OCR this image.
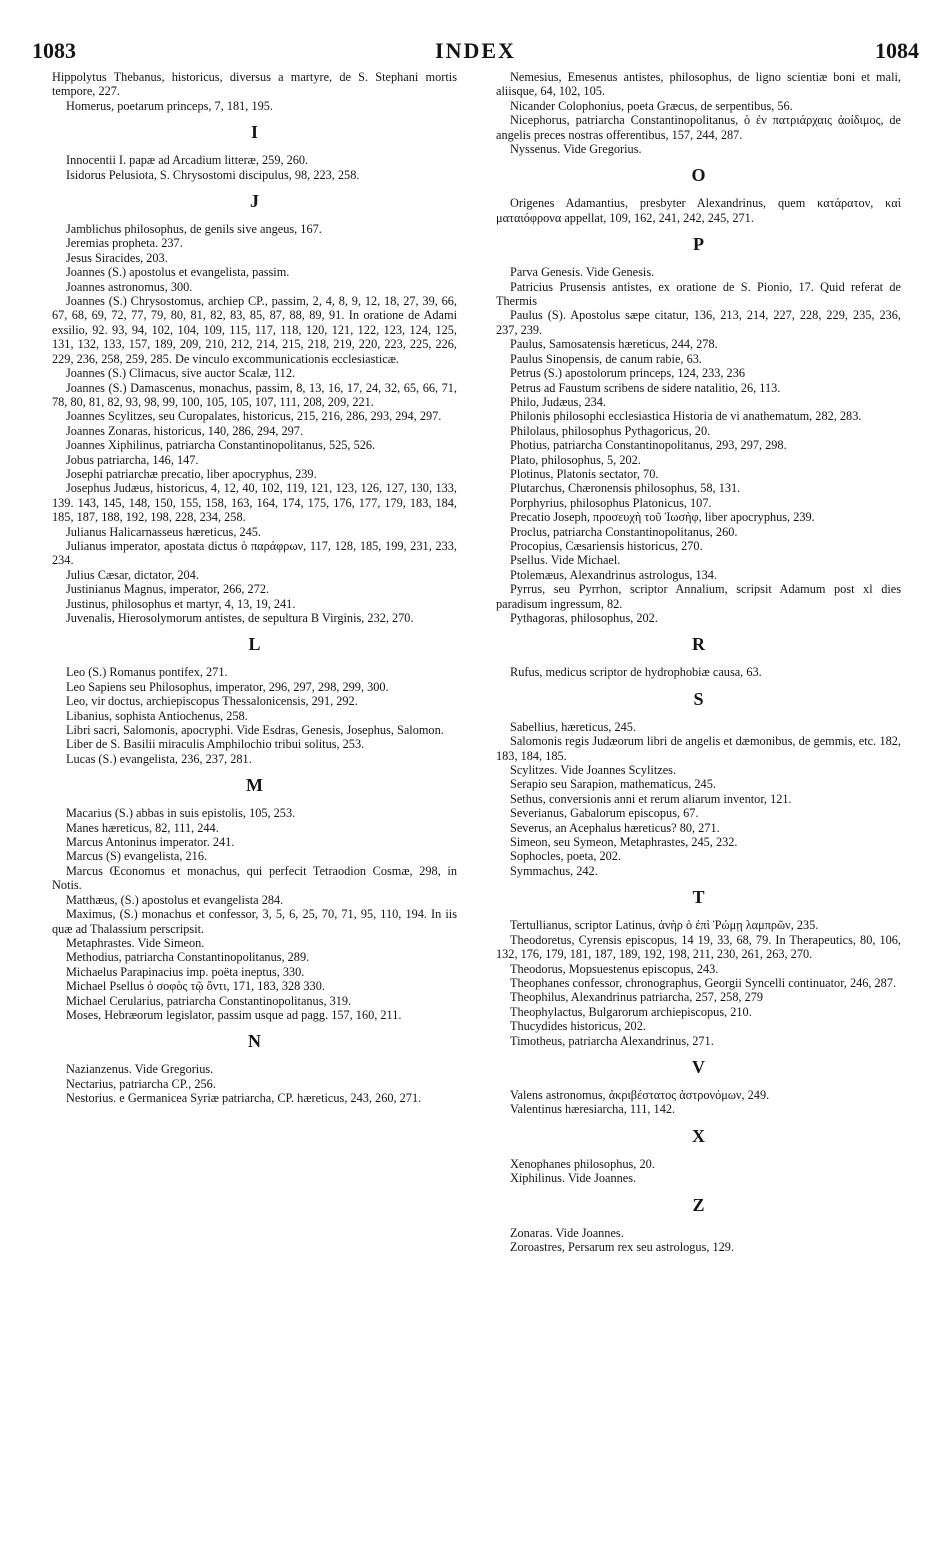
1083	INDEX	1084
Hippolytus Thebanus, historicus, diversus a martyre, de S. Stephani mortis tempore, 227.
Homerus, poetarum princeps, 7, 181, 195.
I
Innocentii I. papæ ad Arcadium litteræ, 259, 260.
Isidorus Pelusiota, S. Chrysostomi discipulus, 98, 223, 258.
J
Jamblichus philosophus, de genils sive angeus, 167.
Jeremias propheta. 237.
Jesus Siracides, 203.
Joannes (S.) apostolus et evangelista, passim.
Joannes astronomus, 300.
Joannes (S.) Chrysostomus, archiep CP., passim, 2, 4, 8, 9, 12, 18, 27, 39, 66, 67, 68, 69, 72, 77, 79, 80, 81, 82, 83, 85, 87, 88, 89, 91. In oratione de Adami exsilio, 92. 93, 94, 102, 104, 109, 115, 117, 118, 120, 121, 122, 123, 124, 125, 131, 132, 133, 157, 189, 209, 210, 212, 214, 215, 218, 219, 220, 223, 225, 226, 229, 236, 258, 259, 285. De vinculo excommunicationis ecclesiasticæ.
Joannes (S.) Climacus, sive auctor Scalæ, 112.
Joannes (S.) Damascenus, monachus, passim, 8, 13, 16, 17, 24, 32, 65, 66, 71, 78, 80, 81, 82, 93, 98, 99, 100, 105, 105, 107, 111, 208, 209, 221.
Joannes Scylitzes, seu Curopalates, historicus, 215, 216, 286, 293, 294, 297.
Joannes Zonaras, historicus, 140, 286, 294, 297.
Joannes Xiphilinus, patriarcha Constantinopolitanus, 525, 526.
Jobus patriarcha, 146, 147.
Josephi patriarchæ precatio, liber apocryphus, 239.
Josephus Judæus, historicus, 4, 12, 40, 102, 119, 121, 123, 126, 127, 130, 133, 139. 143, 145, 148, 150, 155, 158, 163, 164, 174, 175, 176, 177, 179, 183, 184, 185, 187, 188, 192, 198, 228, 234, 258.
Julianus Halicarnasseus hæreticus, 245.
Julianus imperator, apostata dictus ὁ παράφρων, 117, 128, 185, 199, 231, 233, 234.
Julius Cæsar, dictator, 204.
Justinianus Magnus, imperator, 266, 272.
Justinus, philosophus et martyr, 4, 13, 19, 241.
Juvenalis, Hierosolymorum antistes, de sepultura B Virginis, 232, 270.
L
Leo (S.) Romanus pontifex, 271.
Leo Sapiens seu Philosophus, imperator, 296, 297, 298, 299, 300.
Leo, vir doctus, archiepiscopus Thessalonicensis, 291, 292.
Libanius, sophista Antiochenus, 258.
Libri sacri, Salomonis, apocryphi. Vide Esdras, Genesis, Josephus, Salomon.
Liber de S. Basilii miraculis Amphilochio tribui solitus, 253.
Lucas (S.) evangelista, 236, 237, 281.
M
Macarius (S.) abbas in suis epistolis, 105, 253.
Manes hæreticus, 82, 111, 244.
Marcus Antoninus imperator. 241.
Marcus (S) evangelista, 216.
Marcus Œconomus et monachus, qui perfecit Tetraodion Cosmæ, 298, in Notis.
Matthæus, (S.) apostolus et evangelista 284.
Maximus, (S.) monachus et confessor, 3, 5, 6, 25, 70, 71, 95, 110, 194. In iis quæ ad Thalassium perscripsit.
Metaphrastes. Vide Simeon.
Methodius, patriarcha Constantinopolitanus, 289.
Michaelus Parapinacius imp. poëta ineptus, 330.
Michael Psellus ὁ σοφὸς τῷ ὄντι, 171, 183, 328 330.
Michael Cerularius, patriarcha Constantinopolitanus, 319.
Moses, Hebræorum legislator, passim usque ad pagg. 157, 160, 211.
N
Nazianzenus. Vide Gregorius.
Nectarius, patriarcha CP., 256.
Nestorius. e Germanicea Syriæ patriarcha, CP. hæreticus, 243, 260, 271.
Nemesius, Emesenus antistes, philosophus, de ligno scientiæ boni et mali, aliisque, 64, 102, 105.
Nicander Colophonius, poeta Græcus, de serpentibus, 56.
Nicephorus, patriarcha Constantinopolitanus, ὁ ἐν πατριάρχαις ἀοίδιμος, de angelis preces nostras offerentibus, 157, 244, 287.
Nyssenus. Vide Gregorius.
O
Origenes Adamantius, presbyter Alexandrinus, quem κατάρατον, καὶ ματαιόφρονα appellat, 109, 162, 241, 242, 245, 271.
P
Parva Genesis. Vide Genesis.
Patricius Prusensis antistes, ex oratione de S. Pionio, 17. Quid referat de Thermis
Paulus (S). Apostolus sæpe citatur, 136, 213, 214, 227, 228, 229, 235, 236, 237, 239.
Paulus, Samosatensis hæreticus, 244, 278.
Paulus Sinopensis, de canum rabie, 63.
Petrus (S.) apostolorum princeps, 124, 233, 236
Petrus ad Faustum scribens de sidere natalitio, 26, 113.
Philo, Judæus, 234.
Philonis philosophi ecclesiastica Historia de vi anathematum, 282, 283.
Philolaus, philosophus Pythagoricus, 20.
Photius, patriarcha Constantinopolitanus, 293, 297, 298.
Plato, philosophus, 5, 202.
Plotinus, Platonis sectator, 70.
Plutarchus, Chæronensis philosophus, 58, 131.
Porphyrius, philosophus Platonicus, 107.
Precatio Joseph, προσευχὴ τοῦ Ἰωσὴφ, liber apocryphus, 239.
Proclus, patriarcha Constantinopolitanus, 260.
Procopius, Cæsariensis historicus, 270.
Psellus. Vide Michael.
Ptolemæus, Alexandrinus astrologus, 134.
Pyrrus, seu Pyrrhon, scriptor Annalium, scripsit Adamum post xl dies paradisum ingressum, 82.
Pythagoras, philosophus, 202.
R
Rufus, medicus scriptor de hydrophobiæ causa, 63.
S
Sabellius, hæreticus, 245.
Salomonis regis Judæorum libri de angelis et dæmonibus, de gemmis, etc. 182, 183, 184, 185.
Scylitzes. Vide Joannes Scylitzes.
Serapio seu Sarapion, mathematicus, 245.
Sethus, conversionis anni et rerum aliarum inventor, 121.
Severianus, Gabalorum episcopus, 67.
Severus, an Acephalus hæreticus? 80, 271.
Simeon, seu Symeon, Metaphrastes, 245, 232.
Sophocles, poeta, 202.
Symmachus, 242.
T
Tertullianus, scriptor Latinus, ἀνὴρ ὁ ἐπὶ Ῥώμῃ λαμπρῶν, 235.
Theodoretus, Cyrensis episcopus, 14 19, 33, 68, 79. In Therapeutics, 80, 106, 132, 176, 179, 181, 187, 189, 192, 198, 211, 230, 261, 263, 270.
Theodorus, Mopsuestenus episcopus, 243.
Theophanes confessor, chronographus, Georgii Syncelli continuator, 246, 287.
Theophilus, Alexandrinus patriarcha, 257, 258, 279
Theophylactus, Bulgarorum archiepiscopus, 210.
Thucydides historicus, 202.
Timotheus, patriarcha Alexandrinus, 271.
V
Valens astronomus, ἀκριβέστατος ἀστρονόμων, 249.
Valentinus hæresiarcha, 111, 142.
X
Xenophanes philosophus, 20.
Xiphilinus. Vide Joannes.
Z
Zonaras. Vide Joannes.
Zoroastres, Persarum rex seu astrologus, 129.
